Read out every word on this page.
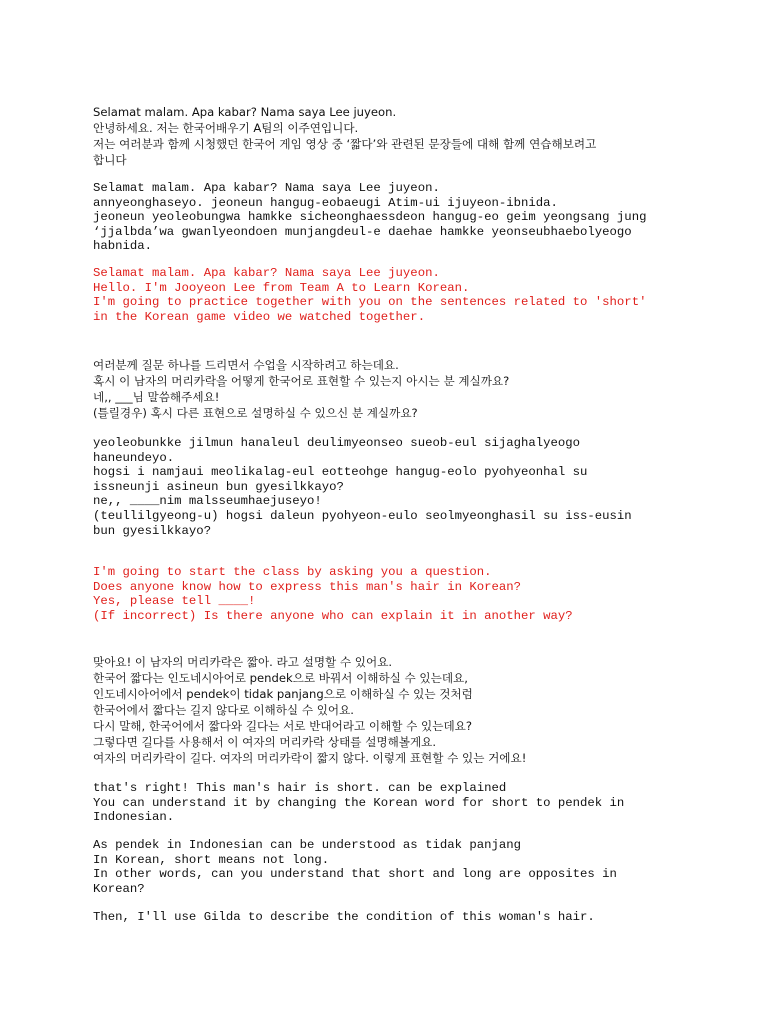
Selamat malam. Apa kabar? Nama saya Lee juyeon.
안녕하세요. 저는 한국어배우기 A팀의 이주연입니다.
저는 여러분과 함께 시청했던 한국어 게임 영상 중 ‘짧다’와 관련된 문장들에 대해 함께 연습해보려고
합니다
Selamat malam. Apa kabar? Nama saya Lee juyeon.
annyeonghaseyo. jeoneun hangug-eobaeugi Atim-ui ijuyeon-ibnida.
jeoneun yeoleobungwa hamkke sicheonghaessdeon hangug-eo geim yeongsang jung
‘jjalbda’wa gwanlyeondoen munjangdeul-e daehae hamkke yeonseubhaebolyeogo
habnida.
Selamat malam. Apa kabar? Nama saya Lee juyeon.
Hello. I'm Jooyeon Lee from Team A to Learn Korean.
I'm going to practice together with you on the sentences related to 'short'
in the Korean game video we watched together.
여러분께 질문 하나를 드리면서 수업을 시작하려고 하는데요.
혹시 이 남자의 머리카락을 어떻게 한국어로 표현할 수 있는지 아시는 분 계실까요?
네,, ___님 말씀해주세요!
(틀릴경우) 혹시 다른 표현으로 설명하실 수 있으신 분 계실까요?
yeoleobunkke jilmun hanaleul deulimyeonseo sueob-eul sijaghalyeogo
haneundeyo.
hogsi i namjaui meolikalag-eul eotteohge hangug-eolo pyohyeonhal su
issneunji asineun bun gyesilkkayo?
ne,, ____nim malsseumhaejuseyo!
(teullilgyeong-u) hogsi daleun pyohyeon-eulo seolmyeonghasil su iss-eusin
bun gyesilkkayo?
I'm going to start the class by asking you a question.
Does anyone know how to express this man's hair in Korean?
Yes, please tell ____!
(If incorrect) Is there anyone who can explain it in another way?
맞아요! 이 남자의 머리카락은 짧아. 라고 설명할 수 있어요.
한국어 짧다는 인도네시아어로 pendek으로 바꿔서 이해하실 수 있는데요,
인도네시아어에서 pendek이 tidak panjang으로 이해하실 수 있는 것처럼
한국어에서 짧다는 길지 않다로 이해하실 수 있어요.
다시 말해, 한국어에서 짧다와 길다는 서로 반대어라고 이해할 수 있는데요?
그렇다면 길다를 사용해서 이 여자의 머리카락 상태를 설명해볼게요.
여자의 머리카락이 길다. 여자의 머리카락이 짧지 않다. 이렇게 표현할 수 있는 거에요!
that's right! This man's hair is short. can be explained
You can understand it by changing the Korean word for short to pendek in
Indonesian.
As pendek in Indonesian can be understood as tidak panjang
In Korean, short means not long.
In other words, can you understand that short and long are opposites in
Korean?
Then, I'll use Gilda to describe the condition of this woman's hair.
